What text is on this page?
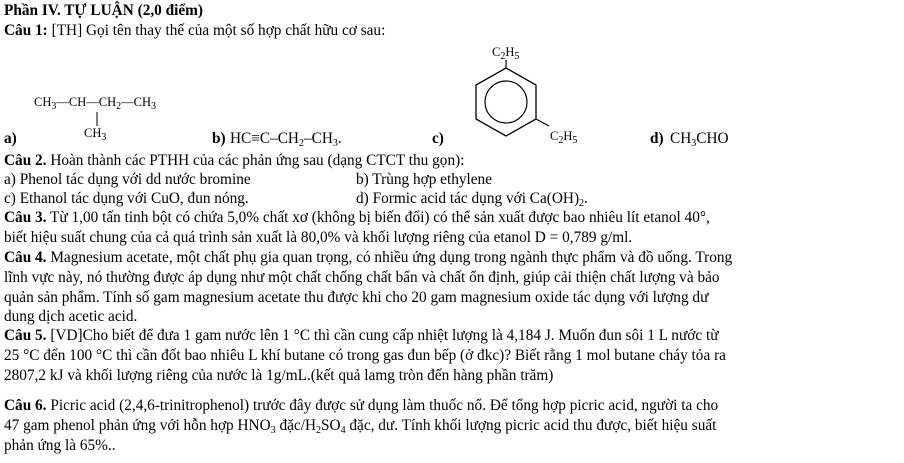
Phần IV. TỰ LUẬN (2,0 điểm)
Câu 1: [TH] Gọi tên thay thế của một số hợp chất hữu cơ sau:
$CH_3—CH—CH_2—CH_3$
$CH_3$
a)	b) $HC\equiv C-CH_2-CH_3$.	c)
$C_2H_5$
$C_2H_5$	d) $CH_3CHO$
Câu 2. Hoàn thành các PTHH của các phản ứng sau (dạng CTCT thu gọn):
a) Phenol tác dụng với dd nước bromine	b) Trùng hợp ethylene
c) Ethanol tác dụng với CuO, đun nóng.	d) Formic acid tác dụng với $Ca(OH)_2$.
Câu 3. Từ 1,00 tấn tinh bột có chứa 5,0% chất xơ (không bị biến đổi) có thể sản xuất được bao nhiêu lít etanol 40°,
biết hiệu suất chung của cả quá trình sản xuất là 80,0% và khối lượng riêng của etanol D = 0,789 g/ml.
Câu 4. Magnesium acetate, một chất phụ gia quan trọng, có nhiều ứng dụng trong ngành thực phẩm và đồ uống. Trong
lĩnh vực này, nó thường được áp dụng như một chất chống chất bẩn và chất ổn định, giúp cải thiện chất lượng và bảo
quản sản phẩm. Tính số gam magnesium acetate thu được khi cho 20 gam magnesium oxide tác dụng với lượng dư
dung dịch acetic acid.
Câu 5. [VD]Cho biết để đưa 1 gam nước lên 1 °C thì cần cung cấp nhiệt lượng là 4,184 J. Muốn đun sôi 1 L nước từ
25 °C đến 100 °C thì cần đốt bao nhiêu L khí butane có trong gas đun bếp (ở đkc)? Biết rằng 1 mol butane cháy tỏa ra
2807,2 kJ và khối lượng riêng của nước là 1g/mL.(kết quả lamg tròn đến hàng phần trăm)
Câu 6. Picric acid (2,4,6-trinitrophenol) trước đây được sử dụng làm thuốc nổ. Để tổng hợp picric acid, người ta cho
47 gam phenol phản ứng với hỗn hợp $HNO_3$ đặc/$H_2SO_4$ đặc, dư. Tính khối lượng picric acid thu được, biết hiệu suất
phản ứng là 65%..
